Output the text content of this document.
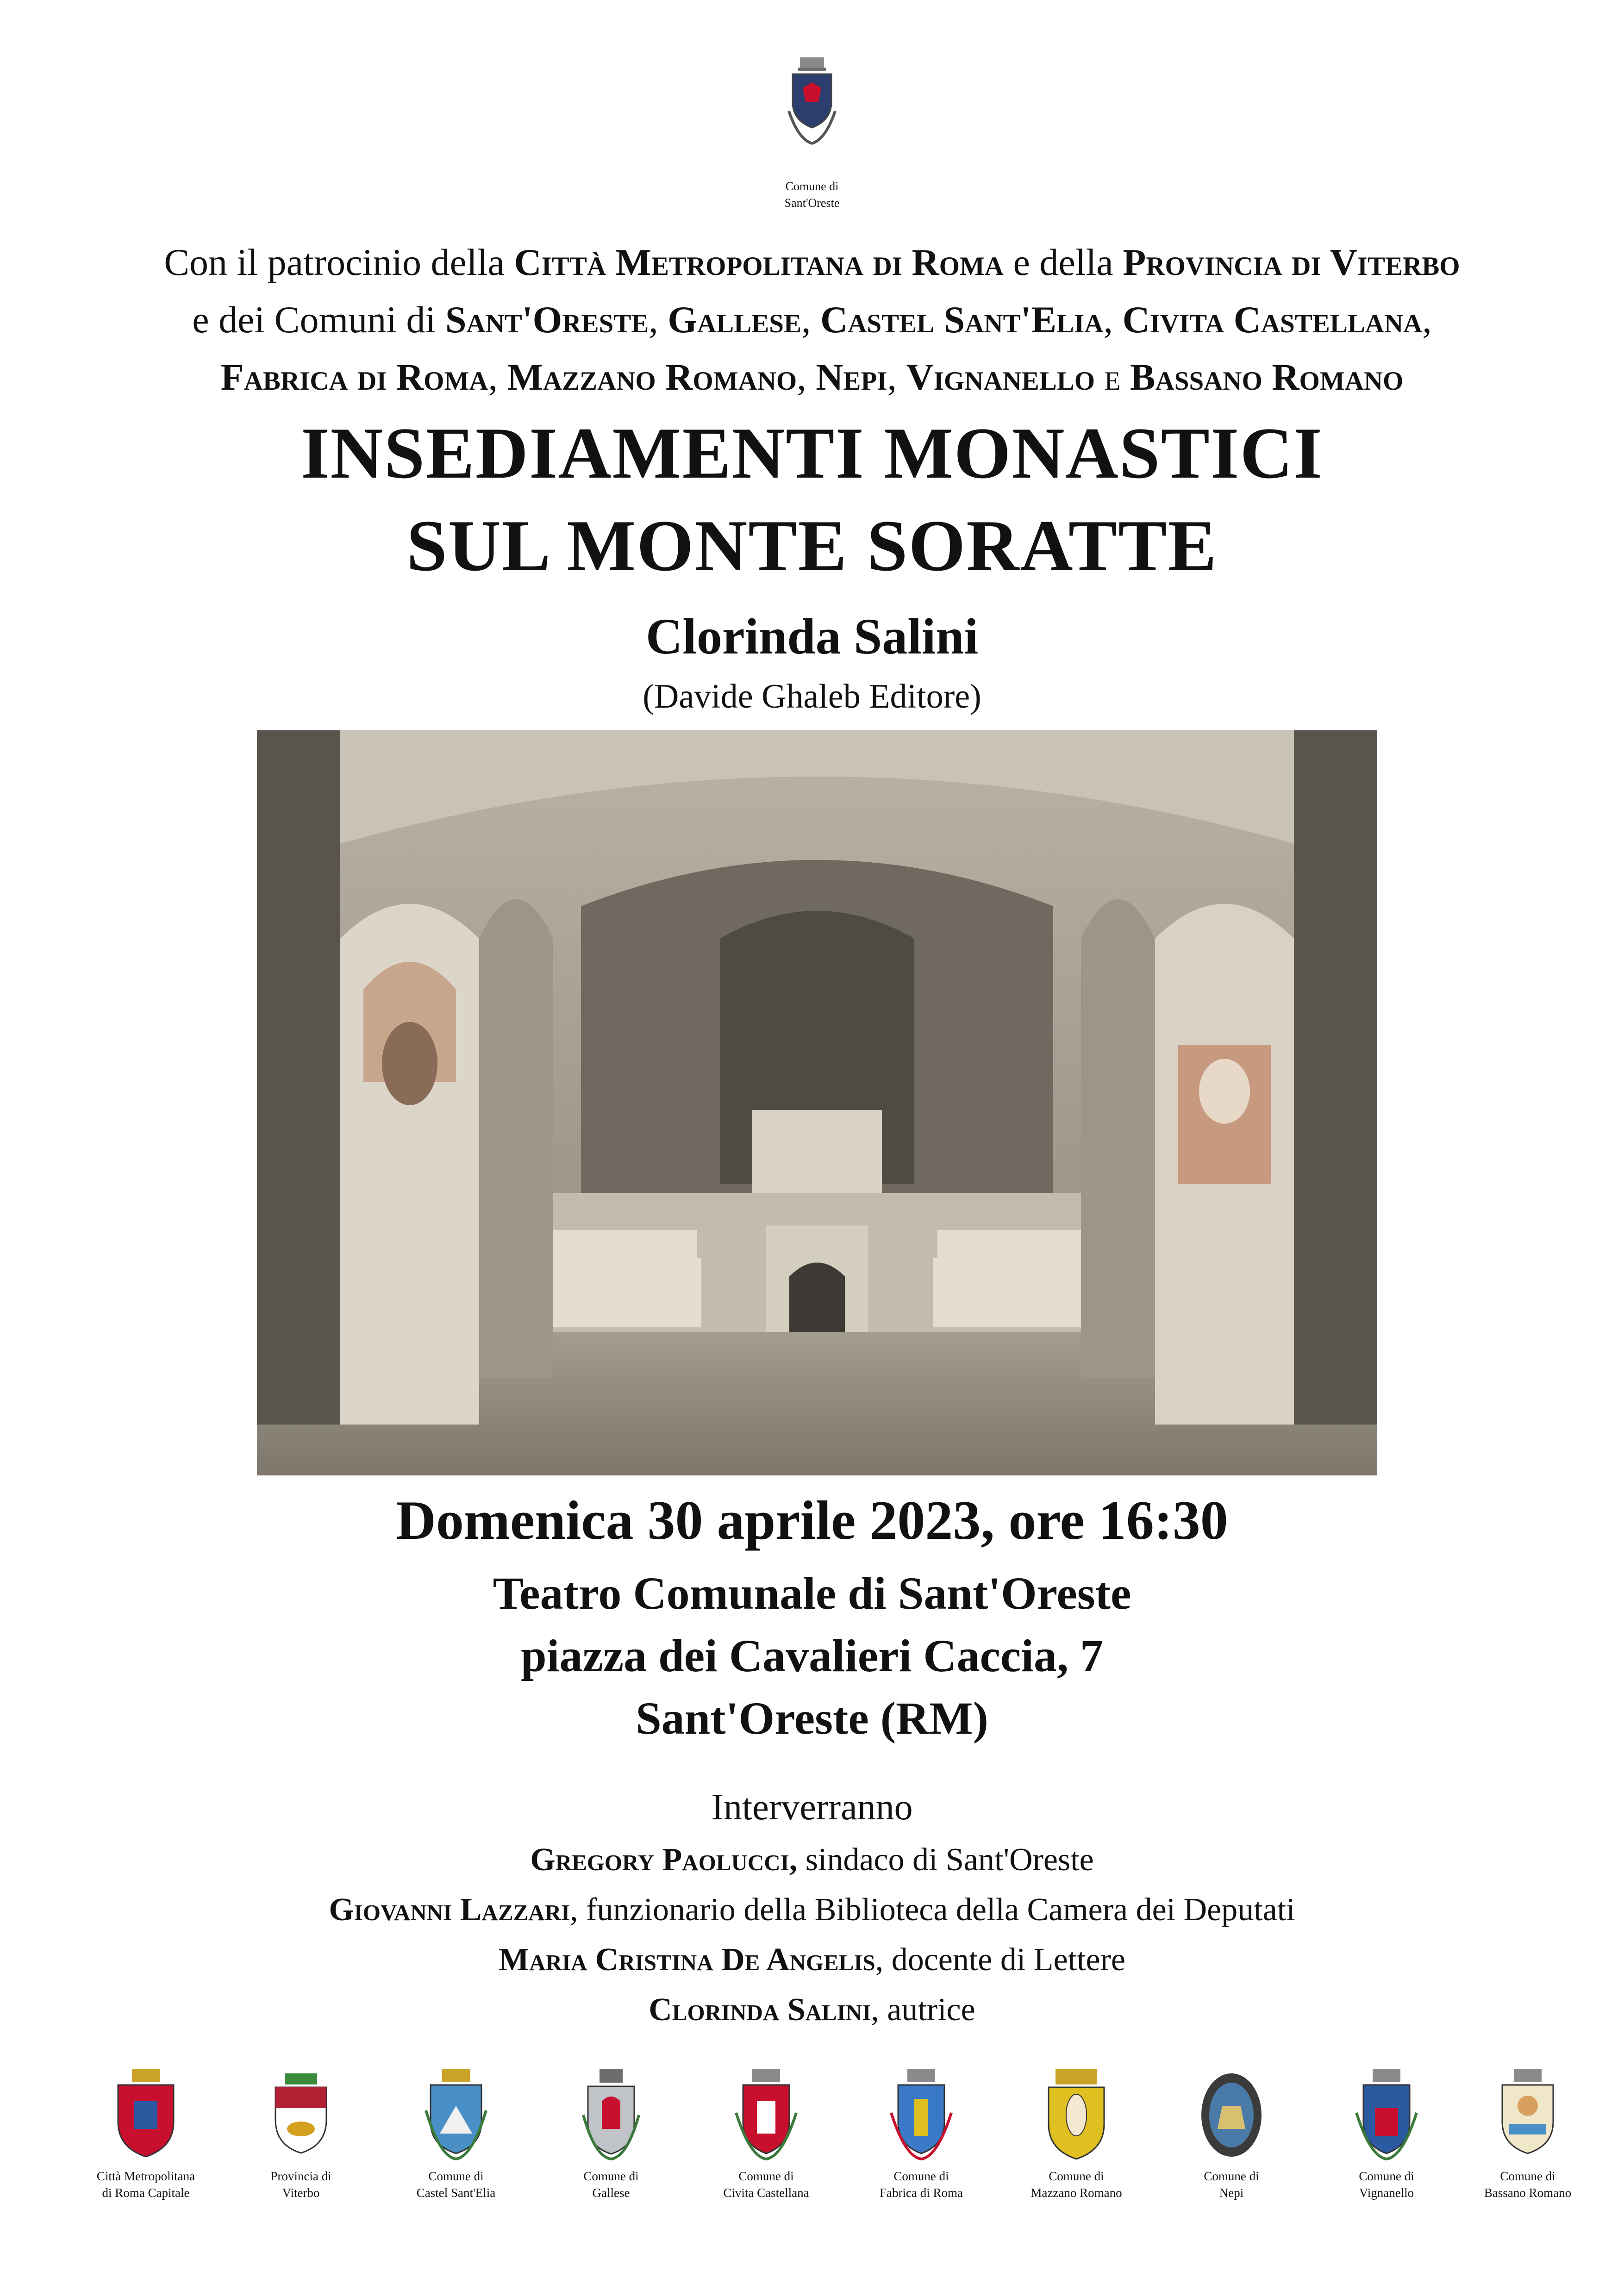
Comune di
Sant'Oreste
Con il patrocinio della Città Metropolitana di Roma e della Provincia di Viterbo
e dei Comuni di Sant'Oreste, Gallese, Castel Sant'Elia, Civita Castellana,
Fabrica di Roma, Mazzano Romano, Nepi, Vignanello e Bassano Romano
INSEDIAMENTI MONASTICI
SUL MONTE SORATTE
Clorinda Salini
(Davide Ghaleb Editore)
Domenica 30 aprile 2023, ore 16:30
Teatro Comunale di Sant'Oreste
piazza dei Cavalieri Caccia, 7
Sant'Oreste (RM)
Interverranno
Gregory Paolucci, sindaco di Sant'Oreste
Giovanni Lazzari, funzionario della Biblioteca della Camera dei Deputati
Maria Cristina De Angelis, docente di Lettere
Clorinda Salini, autrice
Città Metropolitana
di Roma Capitale
Provincia di
Viterbo
Comune di
Castel Sant'Elia
Comune di
Gallese
Comune di
Civita Castellana
Comune di
Fabrica di Roma
Comune di
Mazzano Romano
Comune di
Nepi
Comune di
Vignanello
Comune di
Bassano Romano
